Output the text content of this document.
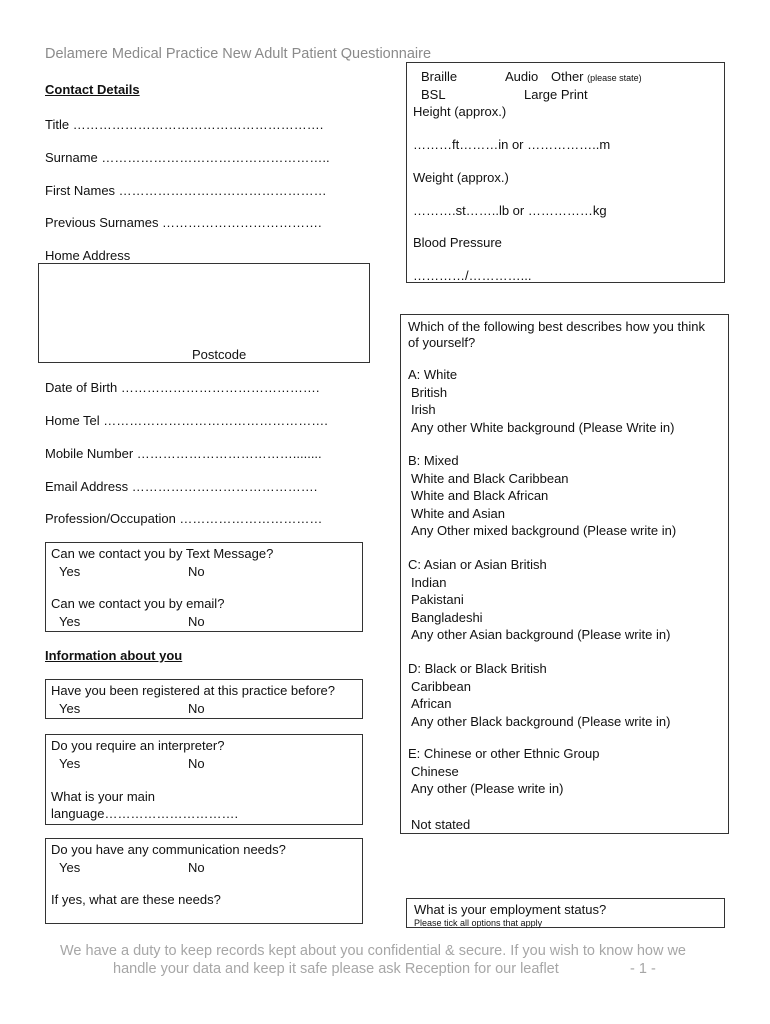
Delamere Medical Practice New Adult Patient Questionnaire
Contact Details
Title ………………………………………………….
Surname ……………………………………………..
First Names …………………………………………
Previous Surnames ……………………………….
Home Address
Postcode
Date of Birth ……………………………………….
Home Tel …………………………………………….
Mobile Number ………………………………........
Email Address …………………………………….
Profession/Occupation ……………………………
Can we contact you by Text Message?
Yes	No
Can we contact you by email?
Yes	No
Information about you
Have you been registered at this practice before?
Yes	No
Do you require an interpreter?
Yes	No
What is your main
language………………………….
Do you have any communication needs?
Yes	No
If yes, what are these needs?
Braille	Audio Other (please state)
BSL	Large Print
Height (approx.)
………ft………in or ……………..m
Weight (approx.)
……….st……..lb or ……………kg
Blood Pressure
…………/…………...
Which of the following best describes how you think
of yourself?
A: White
British
Irish
Any other White background (Please Write in)
B: Mixed
White and Black Caribbean
White and Black African
White and Asian
Any Other mixed background (Please write in)
C: Asian or Asian British
Indian
Pakistani
Bangladeshi
Any other Asian background (Please write in)
D: Black or Black British
Caribbean
African
Any other Black background (Please write in)
E: Chinese or other Ethnic Group
Chinese
Any other (Please write in)
Not stated
What is your employment status?
Please tick all options that apply
We have a duty to keep records kept about you confidential & secure. If you wish to know how we
handle your data and keep it safe please ask Reception for our leaflet	- 1 -
